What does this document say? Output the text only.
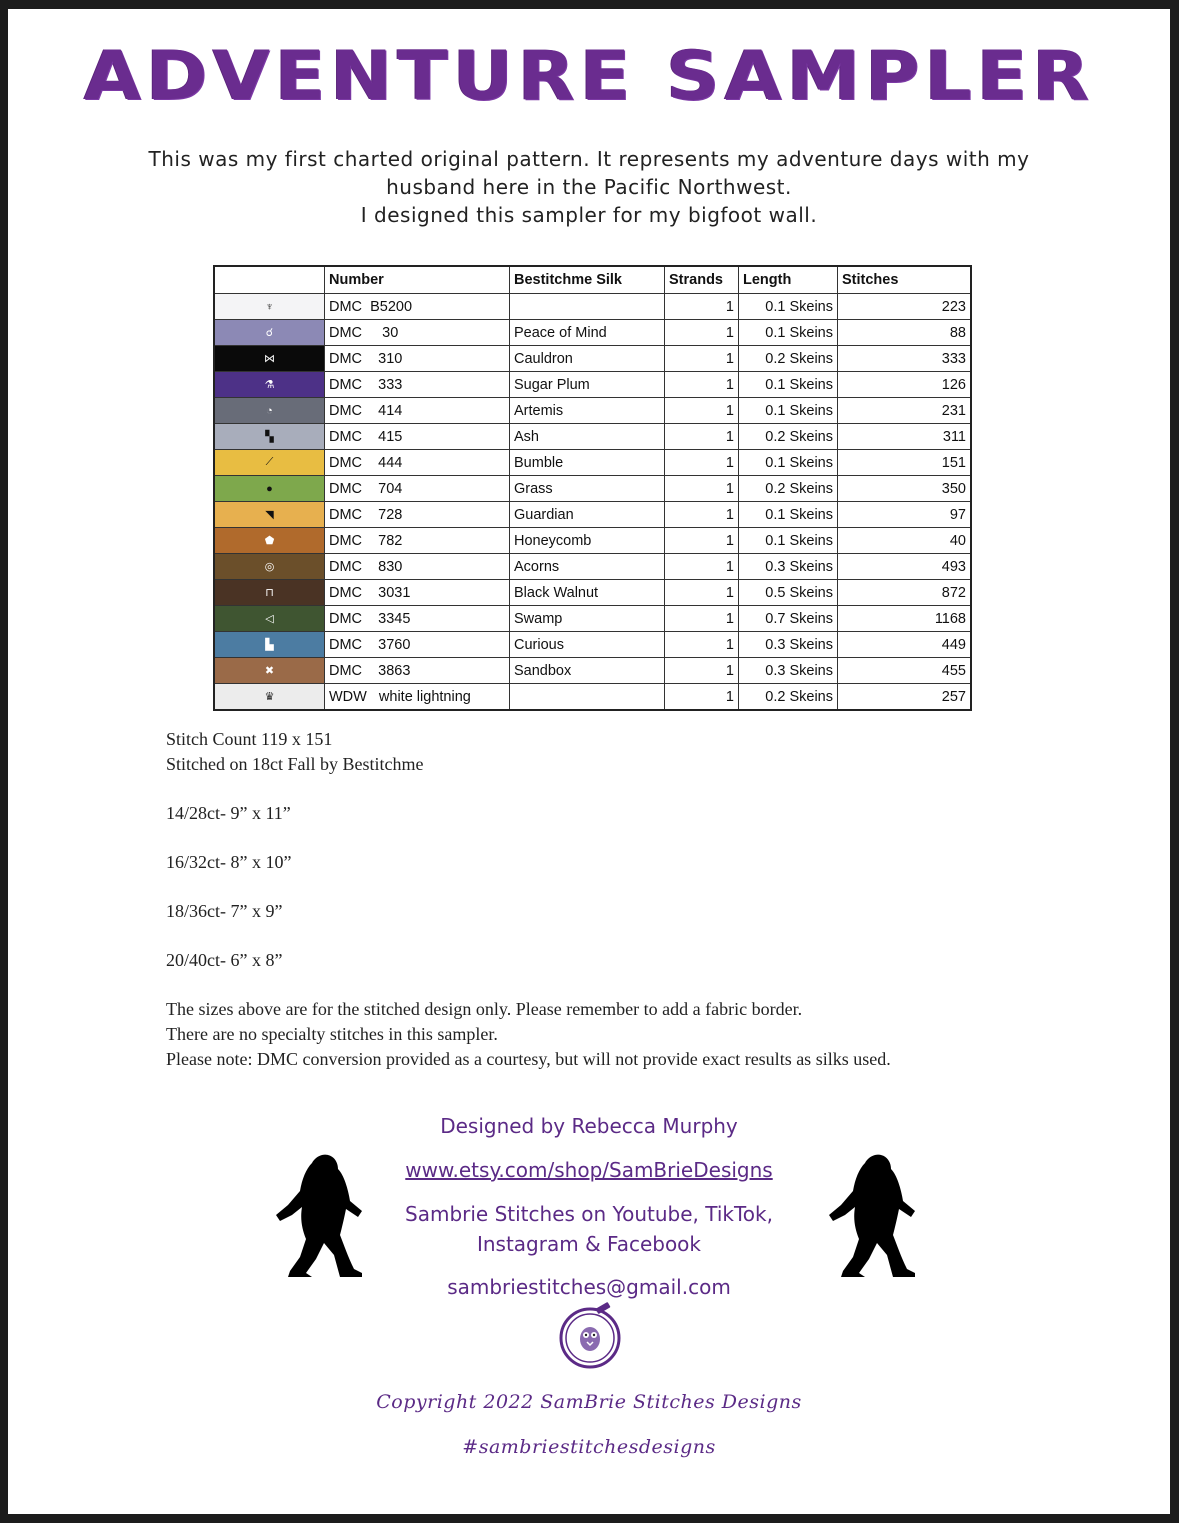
ADVENTURE SAMPLER
This was my first charted original pattern. It represents my adventure days with my
husband here in the Pacific Northwest.
I designed this sampler for my bigfoot wall.
	Number	Bestitchme Silk	Strands	Length	Stitches
♆	DMC  B5200		1	0.1 Skeins	223
☌	DMC     30	Peace of Mind	1	0.1 Skeins	88
⋈	DMC    310	Cauldron	1	0.2 Skeins	333
⚗	DMC    333	Sugar Plum	1	0.1 Skeins	126
◔	DMC    414	Artemis	1	0.1 Skeins	231
▚	DMC    415	Ash	1	0.2 Skeins	311
⟋	DMC    444	Bumble	1	0.1 Skeins	151
●	DMC    704	Grass	1	0.2 Skeins	350
◥	DMC    728	Guardian	1	0.1 Skeins	97
⬟	DMC    782	Honeycomb	1	0.1 Skeins	40
◎	DMC    830	Acorns	1	0.3 Skeins	493
⊓	DMC    3031	Black Walnut	1	0.5 Skeins	872
◁	DMC    3345	Swamp	1	0.7 Skeins	1168
▙	DMC    3760	Curious	1	0.3 Skeins	449
✖	DMC    3863	Sandbox	1	0.3 Skeins	455
♛	WDW   white lightning		1	0.2 Skeins	257
Stitch Count 119 x 151
Stitched on 18ct Fall by Bestitchme
14/28ct- 9” x 11”
16/32ct- 8” x 10”
18/36ct- 7” x 9”
20/40ct- 6” x 8”
The sizes above are for the stitched design only. Please remember to add a fabric border.
There are no specialty stitches in this sampler.
Please note: DMC conversion provided as a courtesy, but will not provide exact results as silks used.
Designed by Rebecca Murphy
www.etsy.com/shop/SamBrieDesigns
Sambrie Stitches on Youtube, TikTok,
Instagram & Facebook
sambriestitches@gmail.com
Copyright 2022 SamBrie Stitches Designs
#sambriestitchesdesigns
